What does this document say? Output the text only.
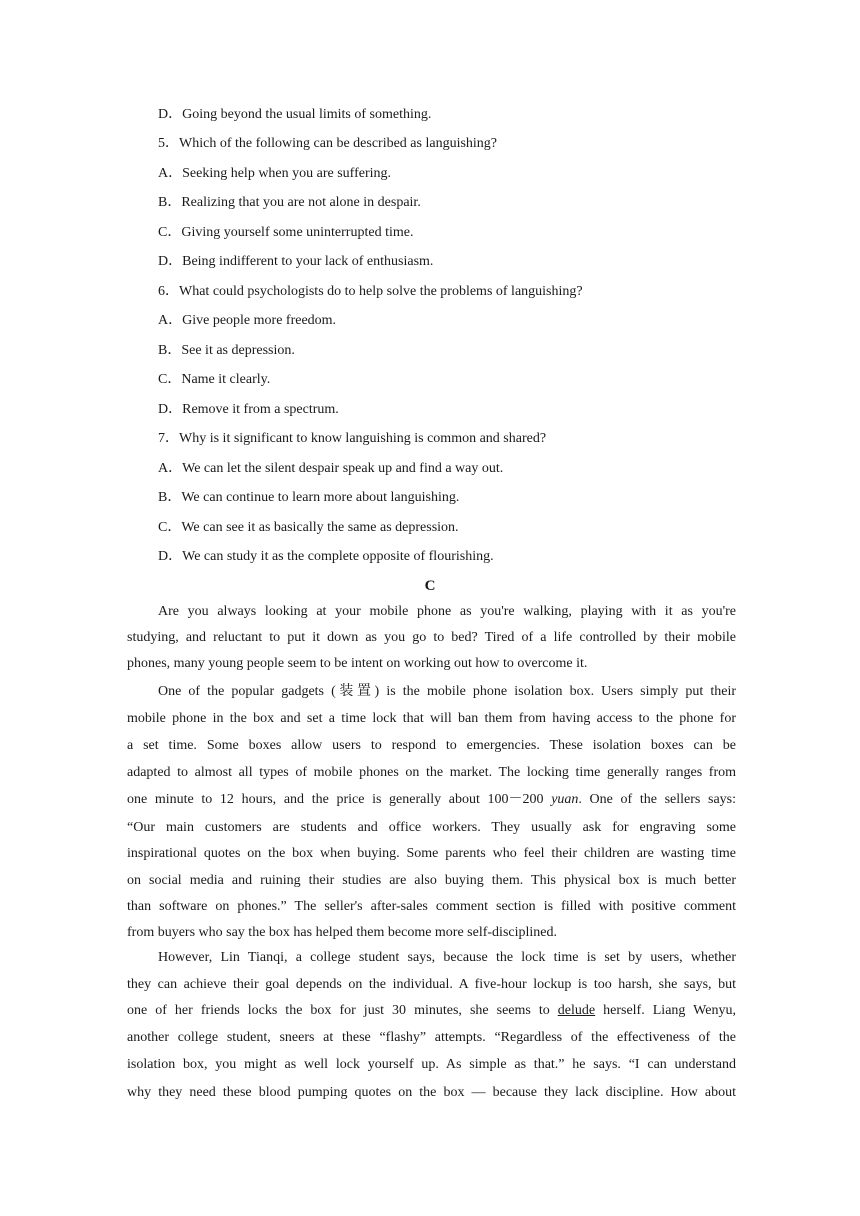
D．Going beyond the usual limits of something.
5．Which of the following can be described as languishing?
A．Seeking help when you are suffering.
B．Realizing that you are not alone in despair.
C．Giving yourself some uninterrupted time.
D．Being indifferent to your lack of enthusiasm.
6．What could psychologists do to help solve the problems of languishing?
A．Give people more freedom.
B．See it as depression.
C．Name it clearly.
D．Remove it from a spectrum.
7．Why is it significant to know languishing is common and shared?
A．We can let the silent despair speak up and find a way out.
B．We can continue to learn more about languishing.
C．We can see it as basically the same as depression.
D．We can study it as the complete opposite of flourishing.
C
Are you always looking at your mobile phone as you're walking, playing with it as you're
studying, and reluctant to put it down as you go to bed? Tired of a life controlled by their mobile
phones, many young people seem to be intent on working out how to overcome it.
One of the popular gadgets (装置) is the mobile phone isolation box. Users simply put their
mobile phone in the box and set a time lock that will ban them from having access to the phone for
a set time. Some boxes allow users to respond to emergencies. These isolation boxes can be
adapted to almost all types of mobile phones on the market. The locking time generally ranges from
one minute to 12 hours, and the price is generally about 100－200 yuan. One of the sellers says:
“Our main customers are students and office workers. They usually ask for engraving some
inspirational quotes on the box when buying. Some parents who feel their children are wasting time
on social media and ruining their studies are also buying them. This physical box is much better
than software on phones.” The seller's after-sales comment section is filled with positive comment
from buyers who say the box has helped them become more self-disciplined.
However, Lin Tianqi, a college student says, because the lock time is set by users, whether
they can achieve their goal depends on the individual. A five-hour lockup is too harsh, she says, but
one of her friends locks the box for just 30 minutes, she seems to delude herself. Liang Wenyu,
another college student, sneers at these “flashy” attempts. “Regardless of the effectiveness of the
isolation box, you might as well lock yourself up. As simple as that.” he says. “I can understand
why they need these blood pumping quotes on the box — because they lack discipline. How about
